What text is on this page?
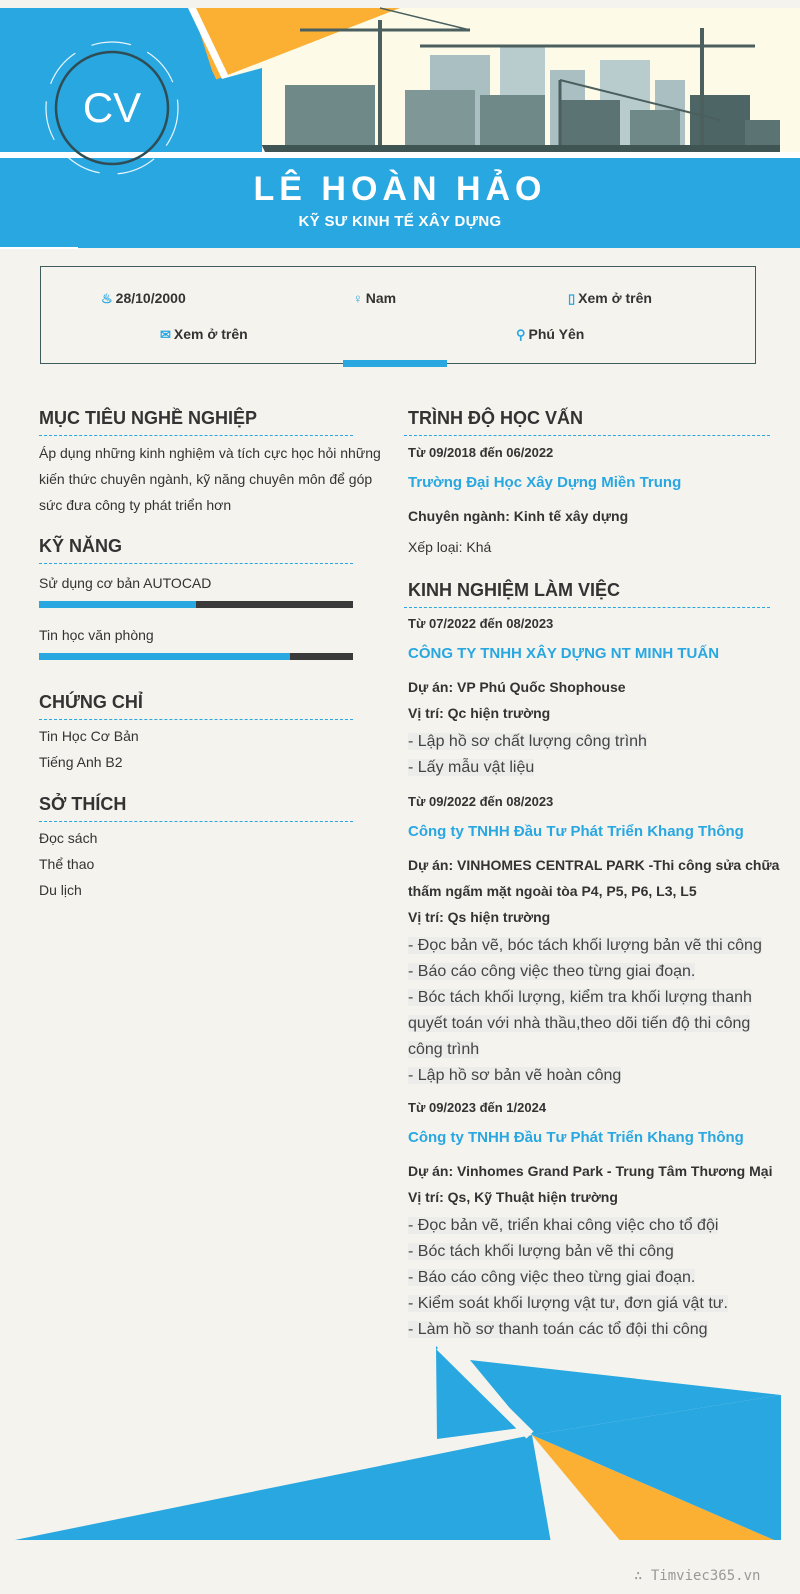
CV
LÊ HOÀN HẢO
KỸ SƯ KINH TẾ XÂY DỰNG
♨ 28/10/2000	♀ Nam	▯ Xem ở trên
✉ Xem ở trên	⚲ Phú Yên
MỤC TIÊU NGHỀ NGHIỆP
Áp dụng những kinh nghiệm và tích cực học hỏi những
kiến thức chuyên ngành, kỹ năng chuyên môn để góp
sức đưa công ty phát triển hơn
KỸ NĂNG
Sử dụng cơ bản AUTOCAD
Tin học văn phòng
CHỨNG CHỈ
Tin Học Cơ Bản
Tiếng Anh B2
SỞ THÍCH
Đọc sách
Thể thao
Du lịch
TRÌNH ĐỘ HỌC VẤN
Từ 09/2018 đến 06/2022
Trường Đại Học Xây Dựng Miền Trung
Chuyên ngành: Kinh tế xây dựng
Xếp loại: Khá
KINH NGHIỆM LÀM VIỆC
Từ 07/2022 đến 08/2023
CÔNG TY TNHH XÂY DỰNG NT MINH TUẤN
Dự án: VP Phú Quốc Shophouse
Vị trí: Qc hiện trường
- Lập hồ sơ chất lượng công trình
- Lấy mẫu vật liệu
Từ 09/2022 đến 08/2023
Công ty TNHH Đầu Tư Phát Triển Khang Thông
Dự án: VINHOMES CENTRAL PARK -Thi công sửa chữa
thấm ngấm mặt ngoài tòa P4, P5, P6, L3, L5
Vị trí: Qs hiện trường
- Đọc bản vẽ, bóc tách khối lượng bản vẽ thi công
- Báo cáo công việc theo từng giai đoạn.
- Bóc tách khối lượng, kiểm tra khối lượng thanh
quyết toán với nhà thầu,theo dõi tiến độ thi công
công trình
- Lập hồ sơ bản vẽ hoàn công
Từ 09/2023 đến 1/2024
Công ty TNHH Đầu Tư Phát Triển Khang Thông
Dự án: Vinhomes Grand Park - Trung Tâm Thương Mại
Vị trí: Qs, Kỹ Thuật hiện trường
- Đọc bản vẽ, triển khai công việc cho tổ đội
- Bóc tách khối lượng bản vẽ thi công
- Báo cáo công việc theo từng giai đoạn.
- Kiểm soát khối lượng vật tư, đơn giá vật tư.
- Làm hồ sơ thanh toán các tổ đội thi công
∴ Timviec365.vn
